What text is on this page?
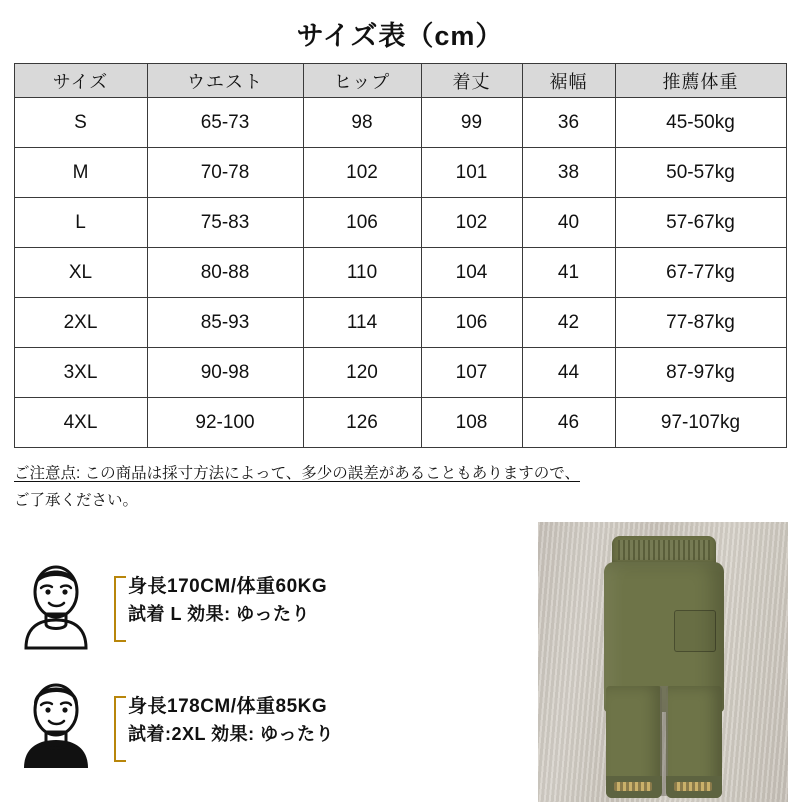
サイズ表（cm）
サイズ	ウエスト	ヒップ	着丈	裾幅	推薦体重
S	65-73	98	99	36	45-50kg
M	70-78	102	101	38	50-57kg
L	75-83	106	102	40	57-67kg
XL	80-88	110	104	41	67-77kg
2XL	85-93	114	106	42	77-87kg
3XL	90-98	120	107	44	87-97kg
4XL	92-100	126	108	46	97-107kg
ご注意点: この商品は採寸方法によって、多少の誤差があることもありますので、
ご了承ください。
身長170CM/体重60KG
試着 L 効果: ゆったり
身長178CM/体重85KG
試着:2XL 効果: ゆったり
